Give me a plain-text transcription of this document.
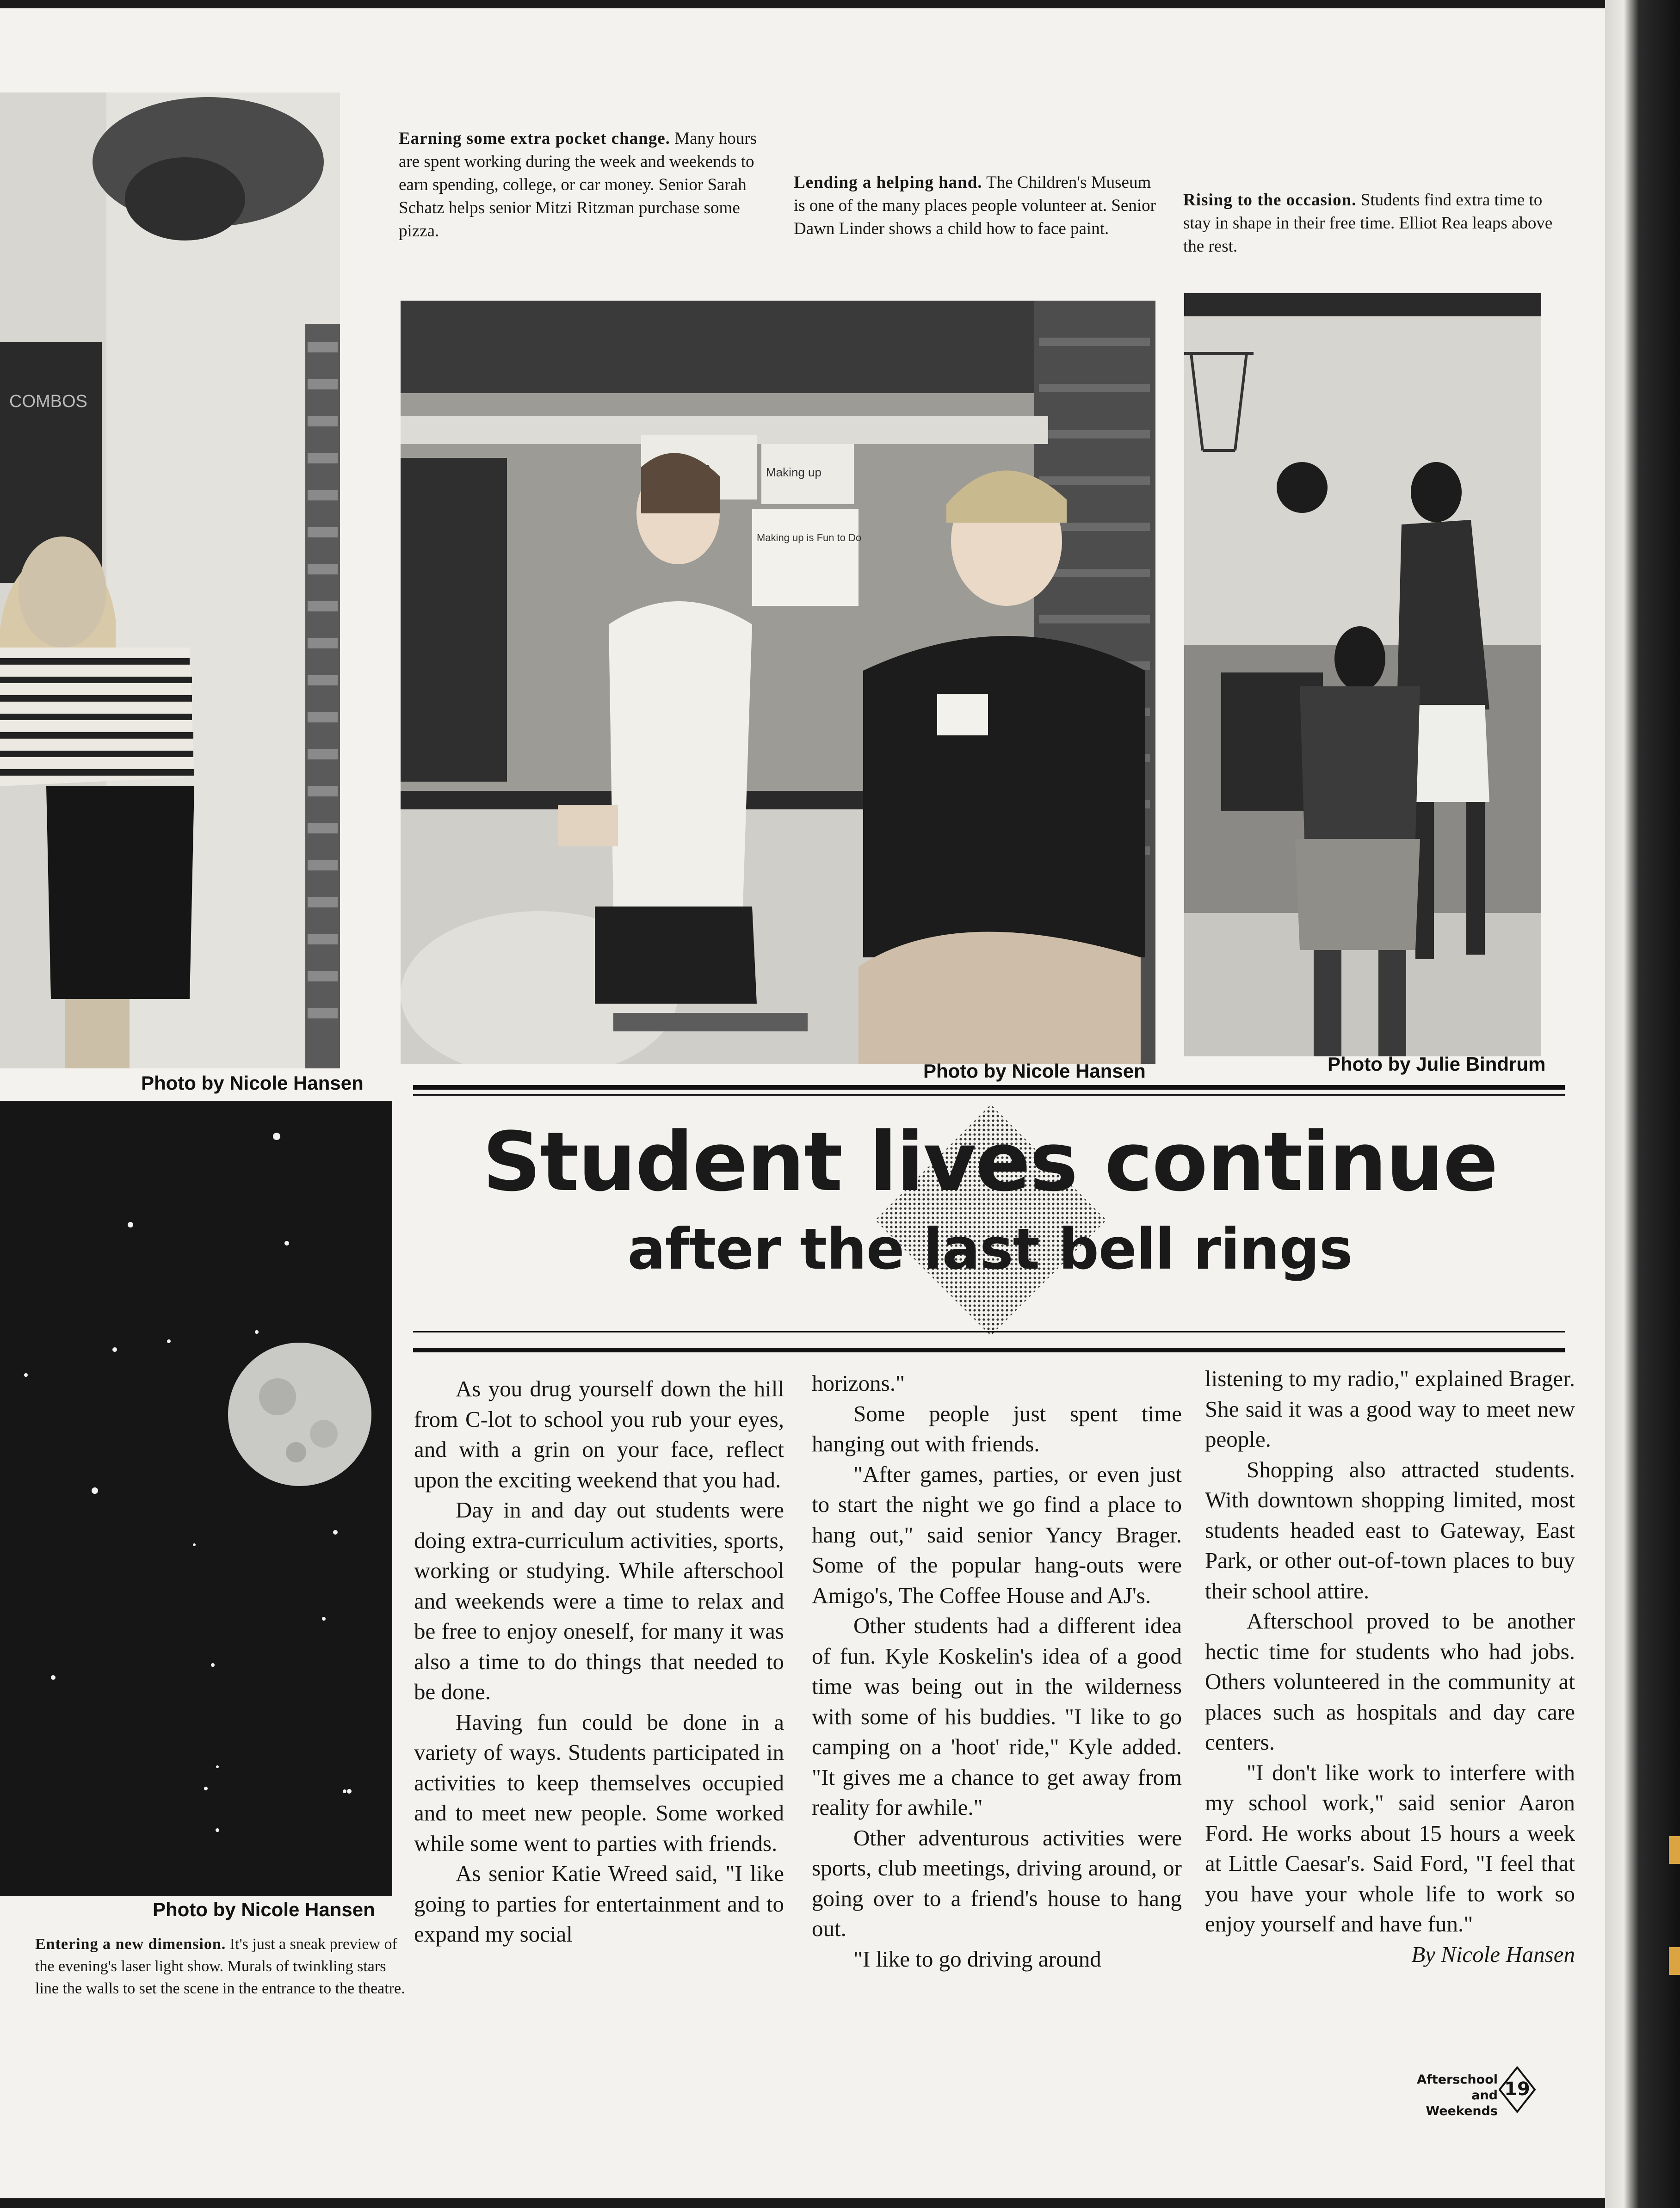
COMBOS
Photo by Nicole Hansen
Earning some extra pocket change. Many hours are spent working during the week and weekends to earn spending, college, or car money. Senior Sarah Schatz helps senior Mitzi Ritzman purchase some pizza.
Lending a helping hand. The Children's Museum is one of the many places people volunteer at. Senior Dawn Linder shows a child how to face paint.
Rising to the occasion. Students find extra time to stay in shape in their free time. Elliot Rea leaps above the rest.
Making up
Making up is Fun to Do
Photo by Nicole Hansen	Photo by Julie Bindrum
Photo by Nicole Hansen
Entering a new dimension. It's just a sneak preview of the evening's laser light show. Murals of twinkling stars line the walls to set the scene in the entrance to the theatre.
Student lives continue
after the last bell rings

As you drug yourself down the hill from C-lot to school you rub your eyes, and with a grin on your face, reflect upon the exciting weekend that you had.

Day in and day out students were doing extra-curriculum activities, sports, working or studying. While afterschool and weekends were a time to relax and be free to enjoy oneself, for many it was also a time to do things that needed to be done.

Having fun could be done in a variety of ways. Students participated in activities to keep themselves occupied and to meet new people. Some worked while some went to parties with friends.

As senior Katie Wreed said, "I like going to parties for entertainment and to expand my social

horizons."

Some people just spent time hanging out with friends.

"After games, parties, or even just to start the night we go find a place to hang out," said senior Yancy Brager. Some of the popular hang-outs were Amigo's, The Coffee House and AJ's.

Other students had a different idea of fun. Kyle Koskelin's idea of a good time was being out in the wilderness with some of his buddies. "I like to go camping on a 'hoot' ride," Kyle added. "It gives me a chance to get away from reality for awhile."

Other adventurous activities were sports, club meetings, driving around, or going over to a friend's house to hang out.

"I like to go driving around

listening to my radio," explained Brager. She said it was a good way to meet new people.

Shopping also attracted students. With downtown shopping limited, most students headed east to Gateway, East Park, or other out-of-town places to buy their school attire.

Afterschool proved to be another hectic time for students who had jobs. Others volunteered in the community at places such as hospitals and day care centers.

"I don't like work to interfere with my school work," said senior Aaron Ford. He works about 15 hours a week at Little Caesar's. Said Ford, "I feel that you have your whole life to work so enjoy yourself and have fun."

By Nicole Hansen

Afterschool
and Weekends
19
